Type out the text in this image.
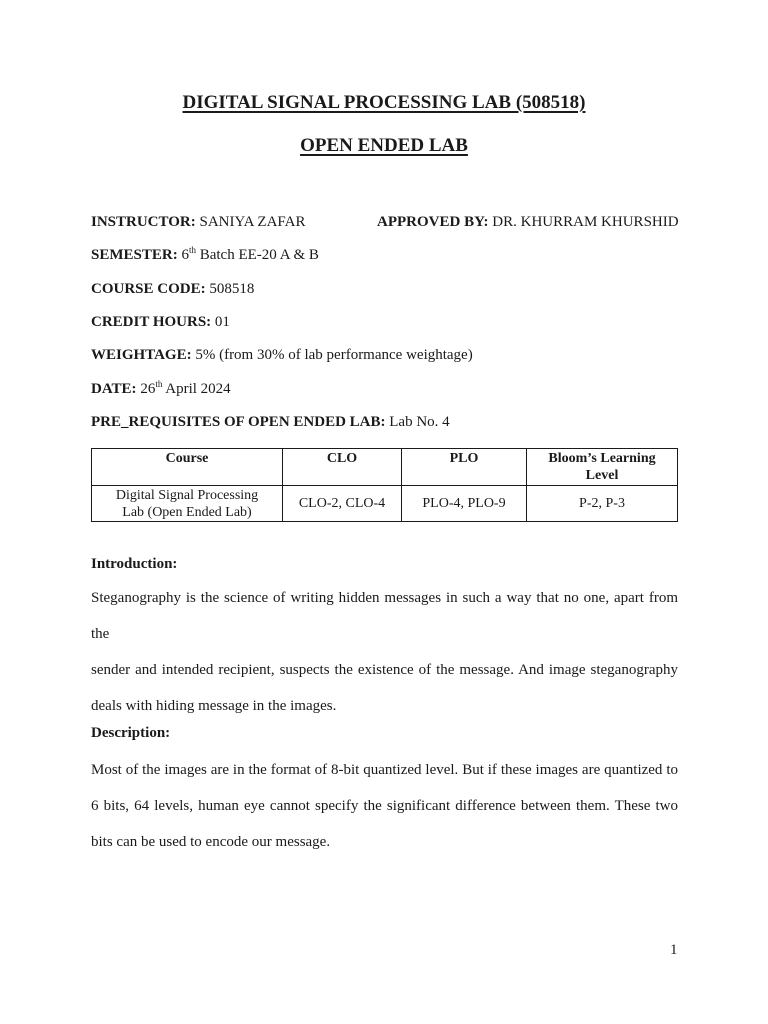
DIGITAL SIGNAL PROCESSING LAB (508518)
OPEN ENDED LAB
INSTRUCTOR: SANIYA ZAFAR	APPROVED BY: DR. KHURRAM KHURSHID
SEMESTER: 6th Batch EE-20 A & B
COURSE CODE: 508518
CREDIT HOURS: 01
WEIGHTAGE: 5% (from 30% of lab performance weightage)
DATE: 26th April 2024
PRE_REQUISITES OF OPEN ENDED LAB: Lab No. 4
Course	CLO	PLO	Bloom’s Learning Level
Digital Signal Processing
Lab (Open Ended Lab)	CLO-2, CLO-4	PLO-4, PLO-9	P-2, P-3
Introduction:
Steganography is the science of writing hidden messages in such a way that no one, apart from the
sender and intended recipient, suspects the existence of the message. And image steganography
deals with hiding message in the images.
Description:
Most of the images are in the format of 8-bit quantized level. But if these images are quantized to
6 bits, 64 levels, human eye cannot specify the significant difference between them. These two
bits can be used to encode our message.
1
